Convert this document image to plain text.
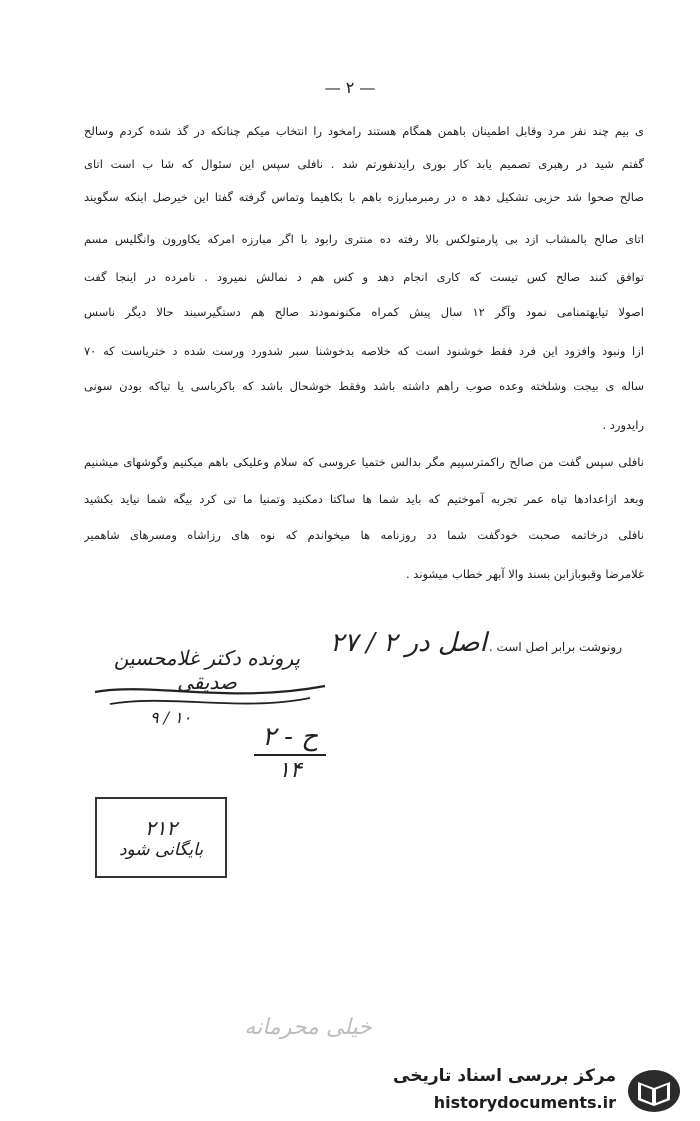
— ۲ —
ی بیم چند نفر مرد وقابل اطمینان باهمن همگام هستند رامخود را انتخاب میکم چنانکه در گذ شده کردم وسالح
گفتم شید در رهبری تصمیم یابد کار بوری رایدنفورتم شد . نافلی سپس این سئوال که شا ب است اتای
صالح صحوا شد حزبی تشکیل دهد ه در رمبرمبارزه باهم با بکاهیما وتماس گرفته گفتا این خیرصل اینکه سگویند
اتای صالح بالمشاب ازد بی پارمتولکس بالا رفته ده منتری رابود با اگر مبارزه امرکه یکاورون وانگلیس مسم
توافق کنند صالح کس تیست که کاری انجام دهد و کس هم د نمالش نمیرود . نامرده در اینجا گفت
اصولا تیایهتمنامی نمود وآگر ۱۲ سال پیش کمراه مکنونمودند صالح هم دستگیرسبند حالا دیگر ناسس
ازا ونبود وافزود این فرد فقط خوشنود است که خلاصه بدخوشنا سبر شدورد ورست شده د ختریاست که ۷۰
ساله ی بیجت وشلخته وعده صوب راهم داشته باشد وفقط خوشحال باشد که باکرباسی یا تیاکه بودن سونی
رایدورد .
نافلی سپس گفت من صالح راکمترسپیم مگر بدالس ختمیا عروسی که سلام وعلیکی باهم میکنیم وگوشهای میشنیم
وبعد ازاعدادها تیاه عمر تجربه آموختیم که باید شما ها ساکتا دمکنید وتمنیا ما تی کرد بیگه شما نیاید بکشید
نافلی درخاتمه صحبت خودگفت شما دد روزنامه ها میخواندم که نوه های رزاشاه ومسرهای شاهمیر
غلامرضا وقبوبازابن بسند والا آبهر خطاب میشوند .
رونوشت برابر اصل است .
اصل در ۲ / ۲۷
پرونده دکتر غلامحسین صدیقی
۱۰ / ۹
ح - ۲
۱۴
۲۱۲
بایگانی شود
خیلی محرمانه
مرکز بررسی اسناد تاریخی
historydocuments.ir
